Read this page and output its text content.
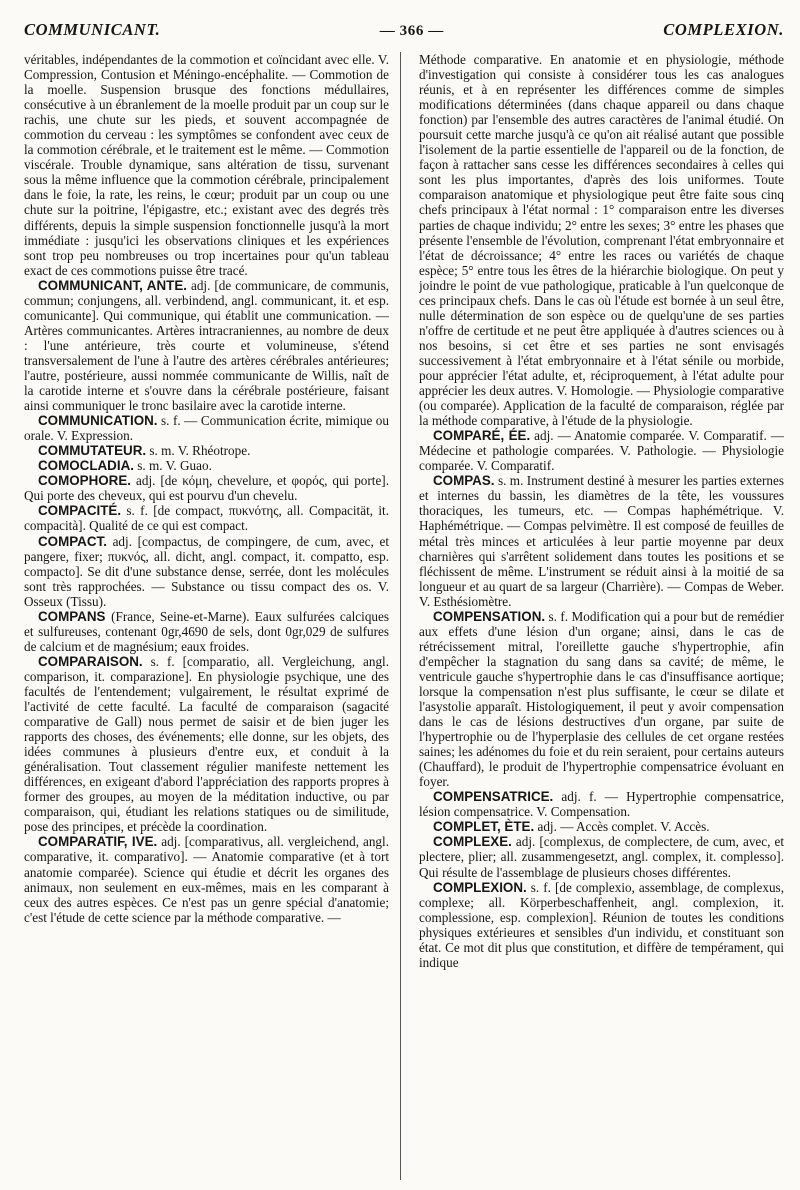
COMMUNICANT.	— 366 —	COMPLEXION.

véritables, indépendantes de la commotion et coïncidant avec elle. V. Compression, Contusion et Méningo-encéphalite. — Commotion de la moelle. Suspension brusque des fonctions médullaires, consécutive à un ébranlement de la moelle produit par un coup sur le rachis, une chute sur les pieds, et souvent accompagnée de commotion du cerveau : les symptômes se confondent avec ceux de la commotion cérébrale, et le traitement est le même. — Commotion viscérale. Trouble dynamique, sans altération de tissu, survenant sous la même influence que la commotion cérébrale, principalement dans le foie, la rate, les reins, le cœur; produit par un coup ou une chute sur la poitrine, l'épigastre, etc.; existant avec des degrés très différents, depuis la simple suspension fonctionnelle jusqu'à la mort immédiate : jusqu'ici les observations cliniques et les expériences sont trop peu nombreuses ou trop incertaines pour qu'un tableau exact de ces commotions puisse être tracé.

COMMUNICANT, ANTE. adj. [de communicare, de communis, commun; conjungens, all. verbindend, angl. communicant, it. et esp. comunicante]. Qui communique, qui établit une communication. — Artères communicantes. Artères intracraniennes, au nombre de deux : l'une antérieure, très courte et volumineuse, s'étend transversalement de l'une à l'autre des artères cérébrales antérieures; l'autre, postérieure, aussi nommée communicante de Willis, naît de la carotide interne et s'ouvre dans la cérébrale postérieure, faisant ainsi communiquer le tronc basilaire avec la carotide interne.

COMMUNICATION. s. f. — Communication écrite, mimique ou orale. V. Expression.

COMMUTATEUR. s. m. V. Rhéotrope.

COMOCLADIA. s. m. V. Guao.

COMOPHORE. adj. [de κόμη, chevelure, et φορός, qui porte]. Qui porte des cheveux, qui est pourvu d'un chevelu.

COMPACITÉ. s. f. [de compact, πυκνότης, all. Compacität, it. compacità]. Qualité de ce qui est compact.

COMPACT. adj. [compactus, de compingere, de cum, avec, et pangere, fixer; πυκνός, all. dicht, angl. compact, it. compatto, esp. compacto]. Se dit d'une substance dense, serrée, dont les molécules sont très rapprochées. — Substance ou tissu compact des os. V. Osseux (Tissu).

COMPANS (France, Seine-et-Marne). Eaux sulfurées calciques et sulfureuses, contenant 0gr,4690 de sels, dont 0gr,029 de sulfures de calcium et de magnésium; eaux froides.

COMPARAISON. s. f. [comparatio, all. Vergleichung, angl. comparison, it. comparazione]. En physiologie psychique, une des facultés de l'entendement; vulgairement, le résultat exprimé de l'activité de cette faculté. La faculté de comparaison (sagacité comparative de Gall) nous permet de saisir et de bien juger les rapports des choses, des événements; elle donne, sur les objets, des idées communes à plusieurs d'entre eux, et conduit à la généralisation. Tout classement régulier manifeste nettement les différences, en exigeant d'abord l'appréciation des rapports propres à former des groupes, au moyen de la méditation inductive, ou par comparaison, qui, étudiant les relations statiques ou de similitude, pose des principes, et précède la coordination.

COMPARATIF, IVE. adj. [comparativus, all. vergleichend, angl. comparative, it. comparativo]. — Anatomie comparative (et à tort anatomie comparée). Science qui étudie et décrit les organes des animaux, non seulement en eux-mêmes, mais en les comparant à ceux des autres espèces. Ce n'est pas un genre spécial d'anatomie; c'est l'étude de cette science par la méthode comparative. —

Méthode comparative. En anatomie et en physiologie, méthode d'investigation qui consiste à considérer tous les cas analogues réunis, et à en représenter les différences comme de simples modifications déterminées (dans chaque appareil ou dans chaque fonction) par l'ensemble des autres caractères de l'animal étudié. On poursuit cette marche jusqu'à ce qu'on ait réalisé autant que possible l'isolement de la partie essentielle de l'appareil ou de la fonction, de façon à rattacher sans cesse les différences secondaires à celles qui sont les plus importantes, d'après des lois uniformes. Toute comparaison anatomique et physiologique peut être faite sous cinq chefs principaux à l'état normal : 1° comparaison entre les diverses parties de chaque individu; 2° entre les sexes; 3° entre les phases que présente l'ensemble de l'évolution, comprenant l'état embryonnaire et l'état de décroissance; 4° entre les races ou variétés de chaque espèce; 5° entre tous les êtres de la hiérarchie biologique. On peut y joindre le point de vue pathologique, praticable à l'un quelconque de ces principaux chefs. Dans le cas où l'étude est bornée à un seul être, nulle détermination de son espèce ou de quelqu'une de ses parties n'offre de certitude et ne peut être appliquée à d'autres sciences ou à nos besoins, si cet être et ses parties ne sont envisagés successivement à l'état embryonnaire et à l'état sénile ou morbide, pour apprécier l'état adulte, et, réciproquement, à l'état adulte pour apprécier les deux autres. V. Homologie. — Physiologie comparative (ou comparée). Application de la faculté de comparaison, réglée par la méthode comparative, à l'étude de la physiologie.

COMPARÉ, ÉE. adj. — Anatomie comparée. V. Comparatif. — Médecine et pathologie comparées. V. Pathologie. — Physiologie comparée. V. Comparatif.

COMPAS. s. m. Instrument destiné à mesurer les parties externes et internes du bassin, les diamètres de la tête, les voussures thoraciques, les tumeurs, etc. — Compas haphémétrique. V. Haphémétrique. — Compas pelvimètre. Il est composé de feuilles de métal très minces et articulées à leur partie moyenne par deux charnières qui s'arrêtent solidement dans toutes les positions et se fléchissent de même. L'instrument se réduit ainsi à la moitié de sa longueur et au quart de sa largeur (Charrière). — Compas de Weber. V. Esthésiomètre.

COMPENSATION. s. f. Modification qui a pour but de remédier aux effets d'une lésion d'un organe; ainsi, dans le cas de rétrécissement mitral, l'oreillette gauche s'hypertrophie, afin d'empêcher la stagnation du sang dans sa cavité; de même, le ventricule gauche s'hypertrophie dans le cas d'insuffisance aortique; lorsque la compensation n'est plus suffisante, le cœur se dilate et l'asystolie apparaît. Histologiquement, il peut y avoir compensation dans le cas de lésions destructives d'un organe, par suite de l'hypertrophie ou de l'hyperplasie des cellules de cet organe restées saines; les adénomes du foie et du rein seraient, pour certains auteurs (Chauffard), le produit de l'hypertrophie compensatrice évoluant en foyer.

COMPENSATRICE. adj. f. — Hypertrophie compensatrice, lésion compensatrice. V. Compensation.

COMPLET, ÈTE. adj. — Accès complet. V. Accès.

COMPLEXE. adj. [complexus, de complectere, de cum, avec, et plectere, plier; all. zusammengesetzt, angl. complex, it. complesso]. Qui résulte de l'assemblage de plusieurs choses différentes.

COMPLEXION. s. f. [de complexio, assemblage, de complexus, complexe; all. Körperbeschaffenheit, angl. complexion, it. complessione, esp. complexion]. Réunion de toutes les conditions physiques extérieures et sensibles d'un individu, et constituant son état. Ce mot dit plus que constitution, et diffère de tempérament, qui indique
